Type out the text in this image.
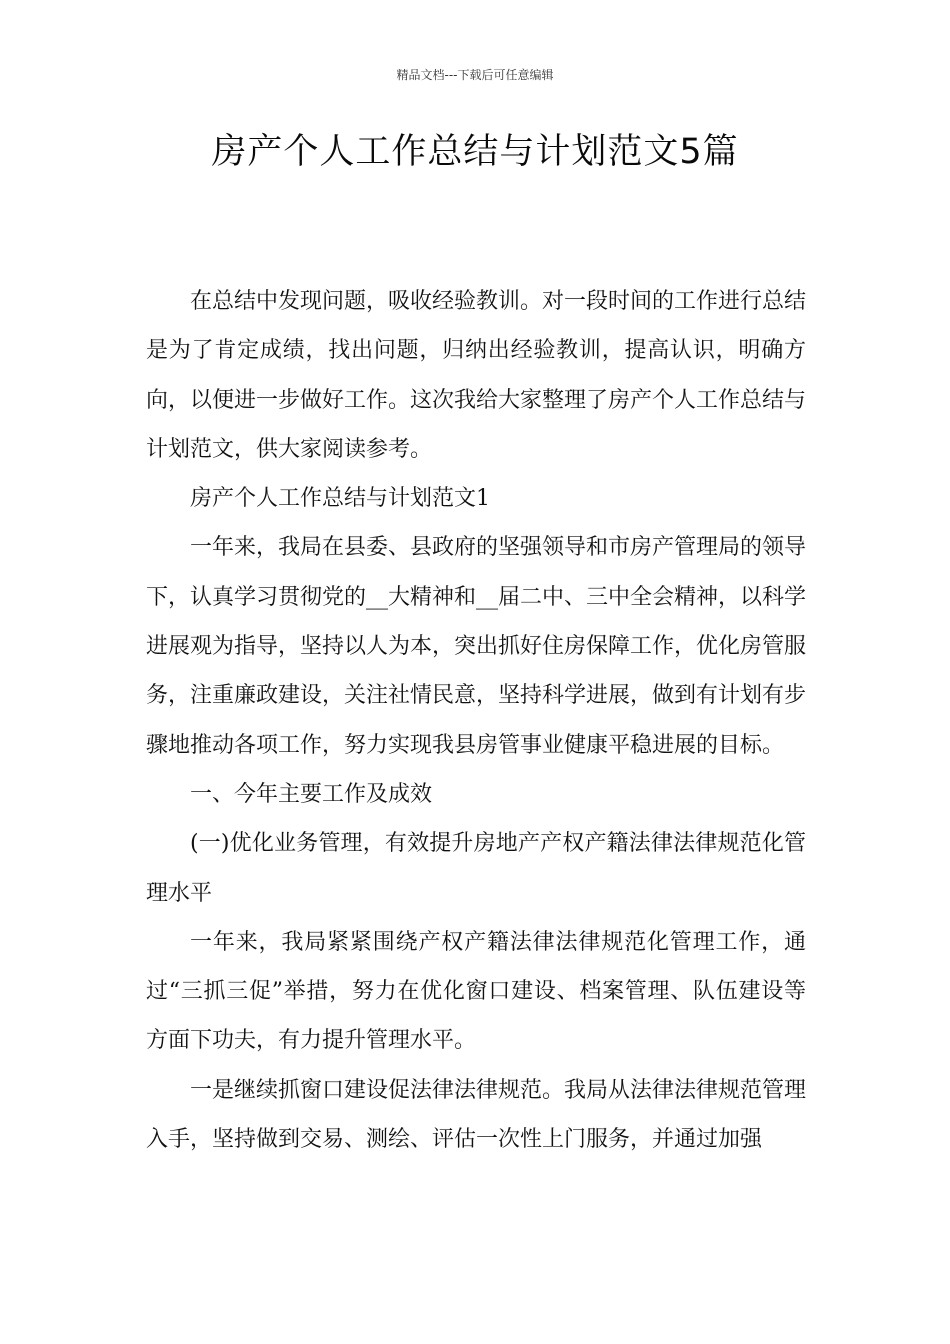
精品文档---下载后可任意编辑
房产个人工作总结与计划范文5篇

在总结中发现问题，吸收经验教训。对一段时间的工作进行总结是为了肯定成绩，找出问题，归纳出经验教训，提高认识，明确方向，以便进一步做好工作。这次我给大家整理了房产个人工作总结与计划范文，供大家阅读参考。

房产个人工作总结与计划范文1

一年来，我局在县委、县政府的坚强领导和市房产管理局的领导下，认真学习贯彻党的__大精神和__届二中、三中全会精神，以科学进展观为指导，坚持以人为本，突出抓好住房保障工作，优化房管服务，注重廉政建设，关注社情民意，坚持科学进展，做到有计划有步骤地推动各项工作，努力实现我县房管事业健康平稳进展的目标。

一、今年主要工作及成效

(一)优化业务管理，有效提升房地产产权产籍法律法律规范化管理水平

一年来，我局紧紧围绕产权产籍法律法律规范化管理工作，通过“三抓三促”举措，努力在优化窗口建设、档案管理、队伍建设等方面下功夫，有力提升管理水平。

一是继续抓窗口建设促法律法律规范。我局从法律法律规范管理入手，坚持做到交易、测绘、评估一次性上门服务，并通过加强
